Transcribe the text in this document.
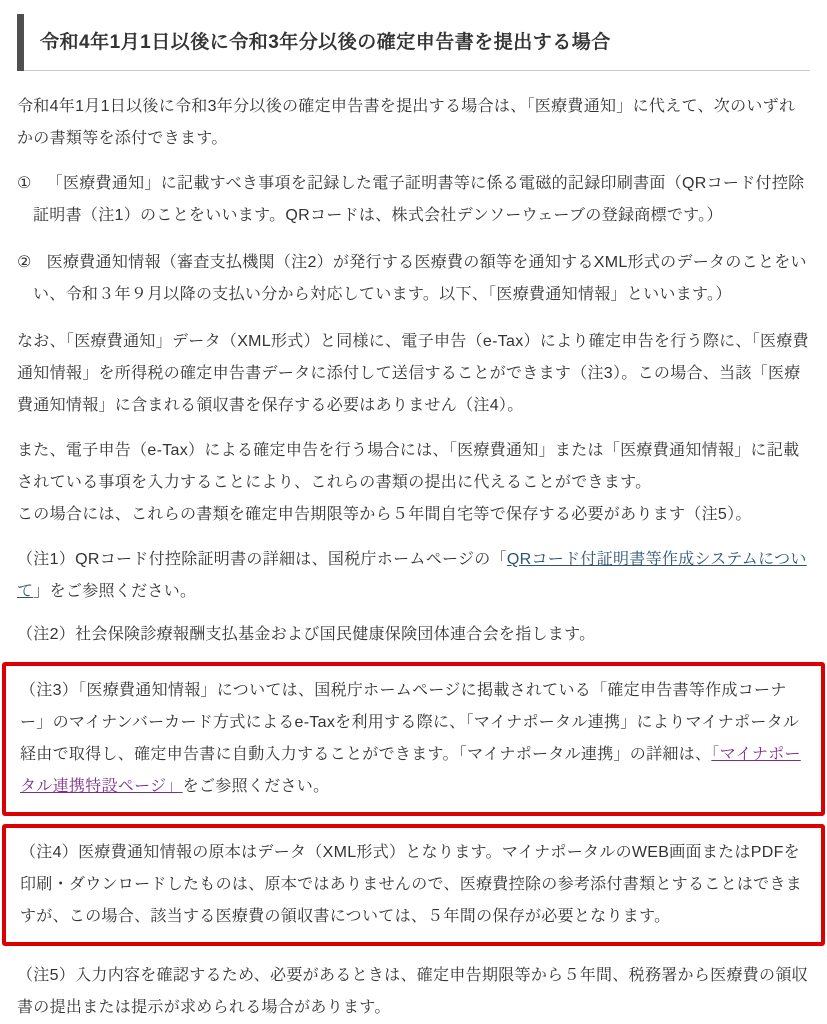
令和4年1月1日以後に令和3年分以後の確定申告書を提出する場合

令和4年1月1日以後に令和3年分以後の確定申告書を提出する場合は、「医療費通知」に代えて、次のいずれかの書類等を添付できます。

① 「医療費通知」に記載すべき事項を記録した電子証明書等に係る電磁的記録印刷書面（QRコード付控除証明書（注1）のことをいいます。QRコードは、株式会社デンソーウェーブの登録商標です。）
② 医療費通知情報（審査支払機関（注2）が発行する医療費の額等を通知するXML形式のデータのことをいい、令和３年９月以降の支払い分から対応しています。以下、「医療費通知情報」といいます。）

なお、「医療費通知」データ（XML形式）と同様に、電子申告（e-Tax）により確定申告を行う際に、「医療費通知情報」を所得税の確定申告書データに添付して送信することができます（注3）。この場合、当該「医療費通知情報」に含まれる領収書を保存する必要はありません（注4）。

また、電子申告（e-Tax）による確定申告を行う場合には、「医療費通知」または「医療費通知情報」に記載されている事項を入力することにより、これらの書類の提出に代えることができます。
この場合には、これらの書類を確定申告期限等から５年間自宅等で保存する必要があります（注5）。

（注1）QRコード付控除証明書の詳細は、国税庁ホームページの「QRコード付証明書等作成システムについて」をご参照ください。

（注2）社会保険診療報酬支払基金および国民健康保険団体連合会を指します。

（注3）「医療費通知情報」については、国税庁ホームページに掲載されている「確定申告書等作成コーナー」のマイナンバーカード方式によるe-Taxを利用する際に、「マイナポータル連携」によりマイナポータル経由で取得し、確定申告書に自動入力することができます。「マイナポータル連携」の詳細は、「マイナポータル連携特設ページ」をご参照ください。
（注4）医療費通知情報の原本はデータ（XML形式）となります。マイナポータルのWEB画面またはPDFを印刷・ダウンロードしたものは、原本ではありませんので、医療費控除の参考添付書類とすることはできますが、この場合、該当する医療費の領収書については、５年間の保存が必要となります。

（注5）入力内容を確認するため、必要があるときは、確定申告期限等から５年間、税務署から医療費の領収書の提出または提示が求められる場合があります。
